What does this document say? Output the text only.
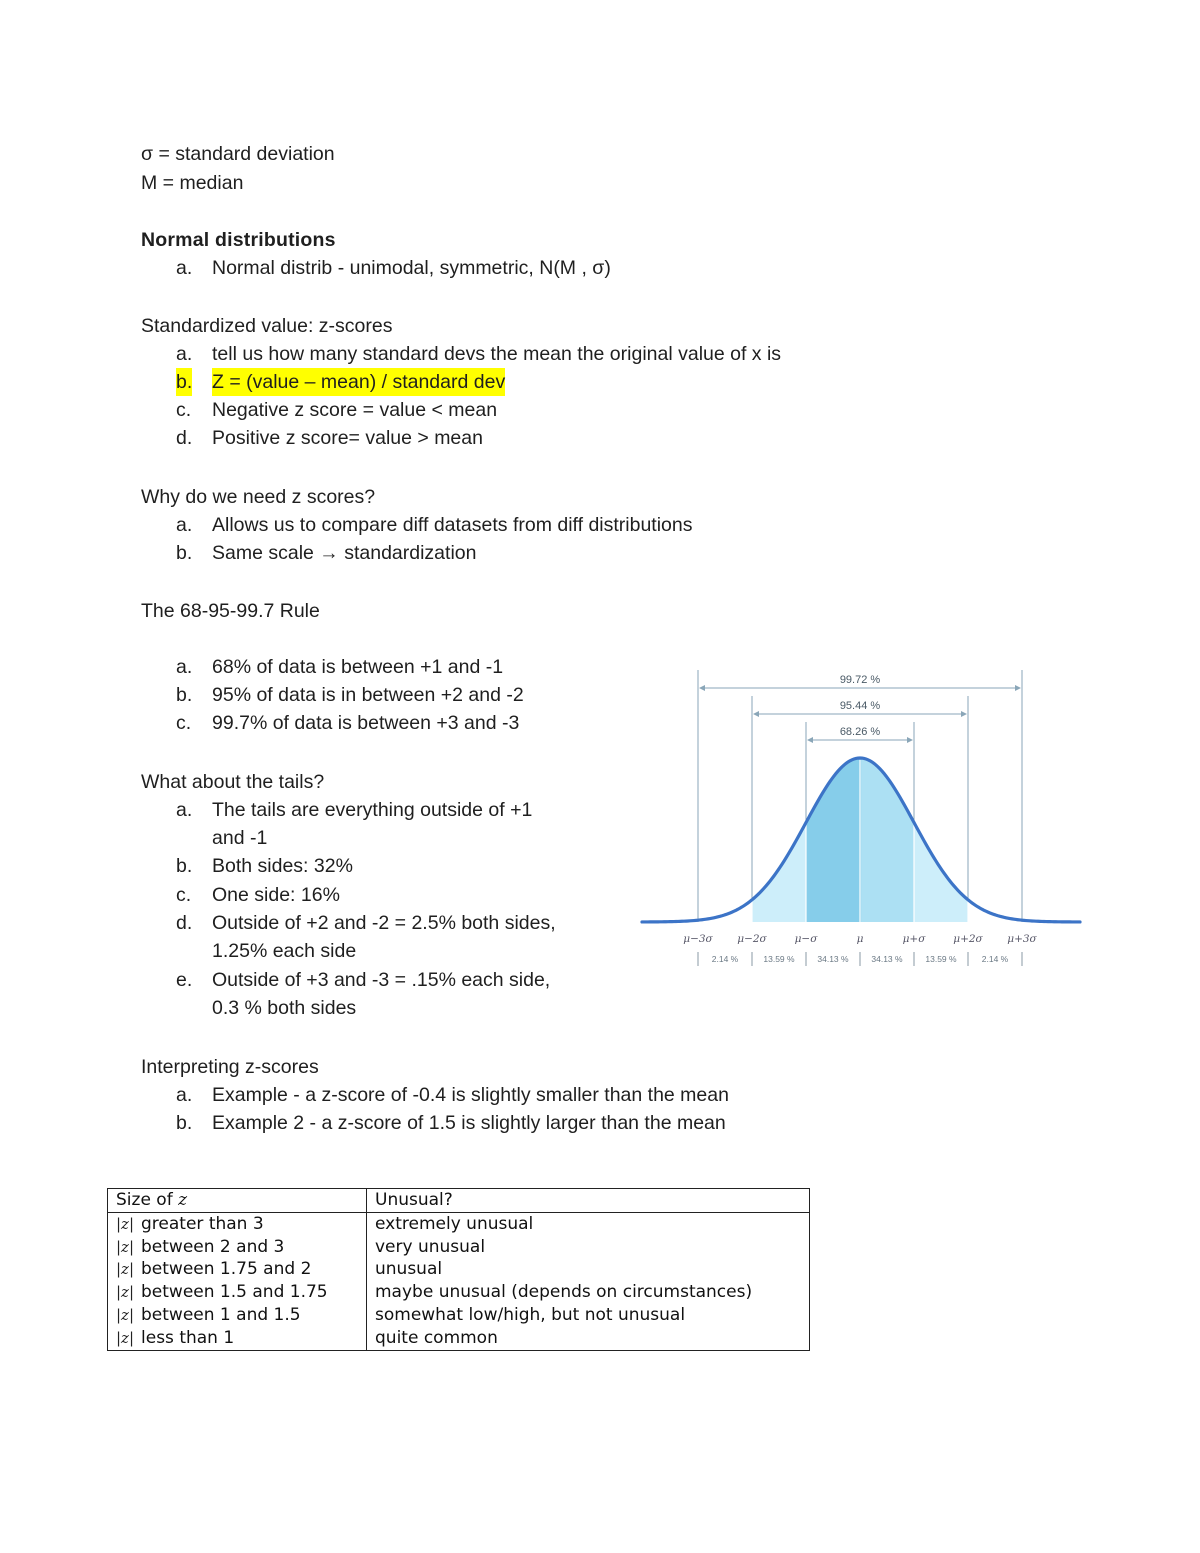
σ = standard deviation
M = median
Normal distributions
a. Normal distrib - unimodal, symmetric, N(M , σ)
Standardized value: z-scores
a. tell us how many standard devs the mean the original value of x is
b. Z = (value – mean) / standard dev
c. Negative z score = value < mean
d. Positive z score= value > mean
Why do we need z scores?
a. Allows us to compare diff datasets from diff distributions
b. Same scale → standardization
The 68-95-99.7 Rule
a. 68% of data is between +1 and -1
b. 95% of data is in between +2 and -2
c. 99.7% of data is between +3 and -3
What about the tails?
a. The tails are everything outside of +1
and -1
b. Both sides: 32%
c. One side: 16%
d. Outside of +2 and -2 = 2.5% both sides,
1.25% each side
e. Outside of +3 and -3 = .15% each side,
0.3 % both sides
Interpreting z-scores
a. Example - a z-score of -0.4 is slightly smaller than the mean
b. Example 2 - a z-score of 1.5 is slightly larger than the mean
99.72 %
95.44 %
68.26 %
μ−3σ μ−2σ	μ−σ	μ	μ+σ	μ+2σ μ+3σ
2.14 %	13.59 %	34.13 %	34.13 %	13.59 %	2.14 %
Size of z	Unusual?
|z| greater than 3	extremely unusual
|z| between 2 and 3	very unusual
|z| between 1.75 and 2	unusual
|z| between 1.5 and 1.75	maybe unusual (depends on circumstances)
|z| between 1 and 1.5	somewhat low/high, but not unusual
|z| less than 1	quite common
